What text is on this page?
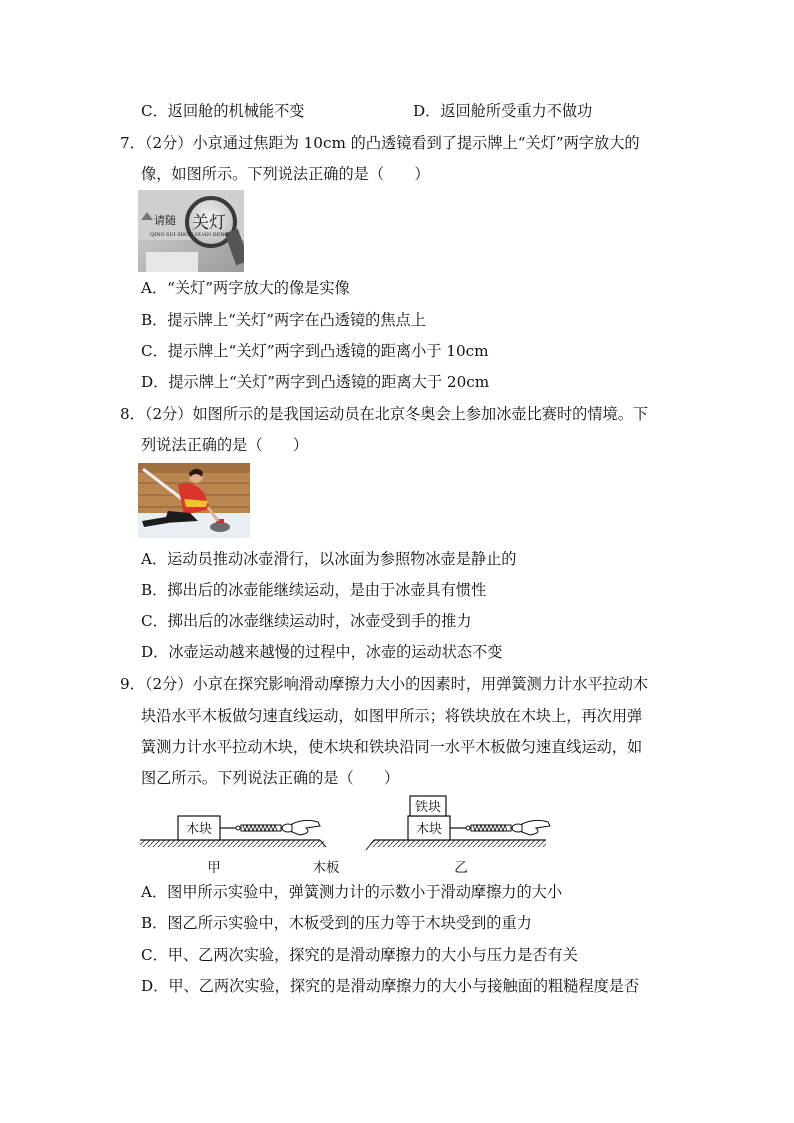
C．返回舱的机械能不变	D．返回舱所受重力不做功
7．（2分）小京通过焦距为 10cm 的凸透镜看到了提示牌上“关灯”两字放大的
像，如图所示。下列说法正确的是（　　）
请随 关灯
QING SUI SHOU GUAN DENG
A．“关灯”两字放大的像是实像
B．提示牌上“关灯”两字在凸透镜的焦点上
C．提示牌上“关灯”两字到凸透镜的距离小于 10cm
D．提示牌上“关灯”两字到凸透镜的距离大于 20cm
8．（2分）如图所示的是我国运动员在北京冬奥会上参加冰壶比赛时的情境。下
列说法正确的是（　　）
A．运动员推动冰壶滑行，以冰面为参照物冰壶是静止的
B．掷出后的冰壶能继续运动，是由于冰壶具有惯性
C．掷出后的冰壶继续运动时，冰壶受到手的推力
D．冰壶运动越来越慢的过程中，冰壶的运动状态不变
9．（2分）小京在探究影响滑动摩擦力大小的因素时，用弹簧测力计水平拉动木
块沿水平木板做匀速直线运动，如图甲所示；将铁块放在木块上，再次用弹
簧测力计水平拉动木块，使木块和铁块沿同一水平木板做匀速直线运动，如
图乙所示。下列说法正确的是（　　）
木块	木块
铁块
甲	木板	乙
A．图甲所示实验中，弹簧测力计的示数小于滑动摩擦力的大小
B．图乙所示实验中，木板受到的压力等于木块受到的重力
C．甲、乙两次实验，探究的是滑动摩擦力的大小与压力是否有关
D．甲、乙两次实验，探究的是滑动摩擦力的大小与接触面的粗糙程度是否
